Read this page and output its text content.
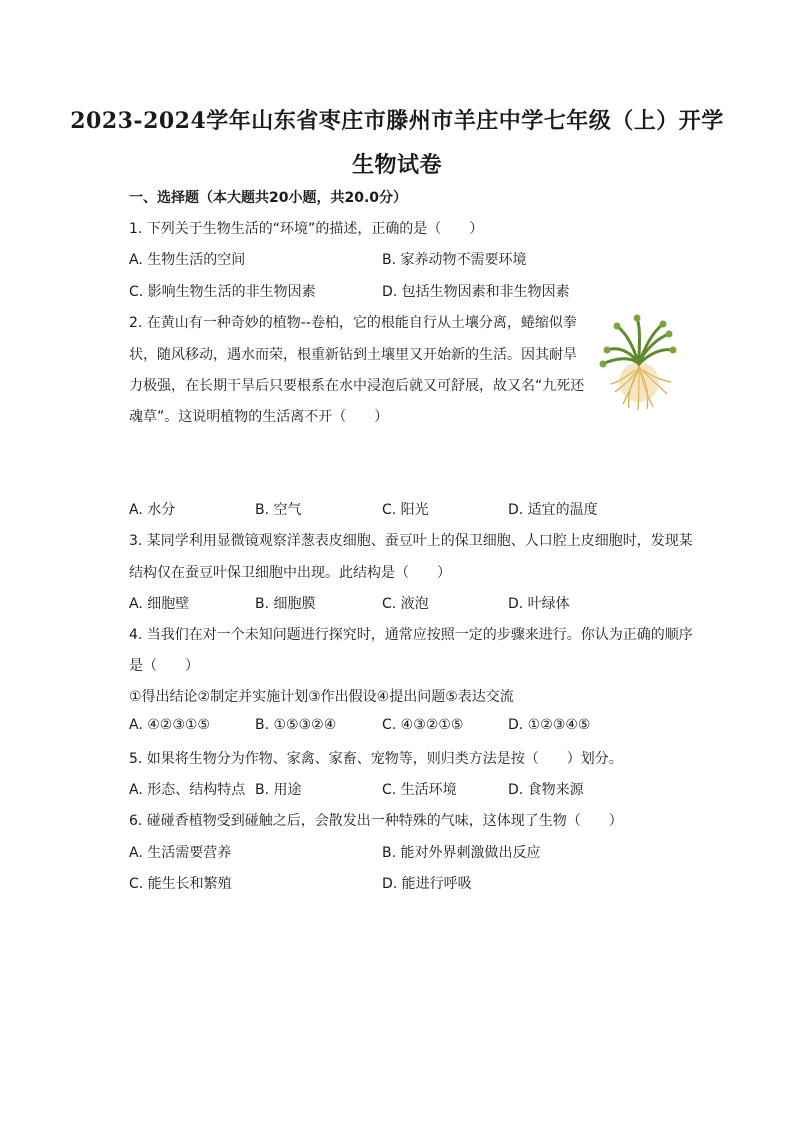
2023-2024学年山东省枣庄市滕州市羊庄中学七年级（上）开学
生物试卷
一、选择题（本大题共20小题，共20.0分）
1. 下列关于生物生活的“环境”的描述，正确的是（　　）
A. 生物生活的空间	B. 家养动物不需要环境
C. 影响生物生活的非生物因素	D. 包括生物因素和非生物因素
2. 在黄山有一种奇妙的植物--卷柏，它的根能自行从土壤分离，蜷缩似拳
状，随风移动，遇水而荣，根重新钻到土壤里又开始新的生活。因其耐旱
力极强，在长期干旱后只要根系在水中浸泡后就又可舒展，故又名“九死还
魂草”。这说明植物的生活离不开（　　）
A. 水分	B. 空气	C. 阳光	D. 适宜的温度
3. 某同学利用显微镜观察洋葱表皮细胞、蚕豆叶上的保卫细胞、人口腔上皮细胞时，发现某
结构仅在蚕豆叶保卫细胞中出现。此结构是（　　）
A. 细胞壁	B. 细胞膜	C. 液泡	D. 叶绿体
4. 当我们在对一个未知问题进行探究时，通常应按照一定的步骤来进行。你认为正确的顺序
是（　　）
①得出结论②制定并实施计划③作出假设④提出问题⑤表达交流
A. ④②③①⑤	B. ①⑤③②④	C. ④③②①⑤	D. ①②③④⑤
5. 如果将生物分为作物、家禽、家畜、宠物等，则归类方法是按（　　）划分。
A. 形态、结构特点 B. 用途	C. 生活环境	D. 食物来源
6. 碰碰香植物受到碰触之后，会散发出一种特殊的气味，这体现了生物（　　）
A. 生活需要营养	B. 能对外界刺激做出反应
C. 能生长和繁殖	D. 能进行呼吸
